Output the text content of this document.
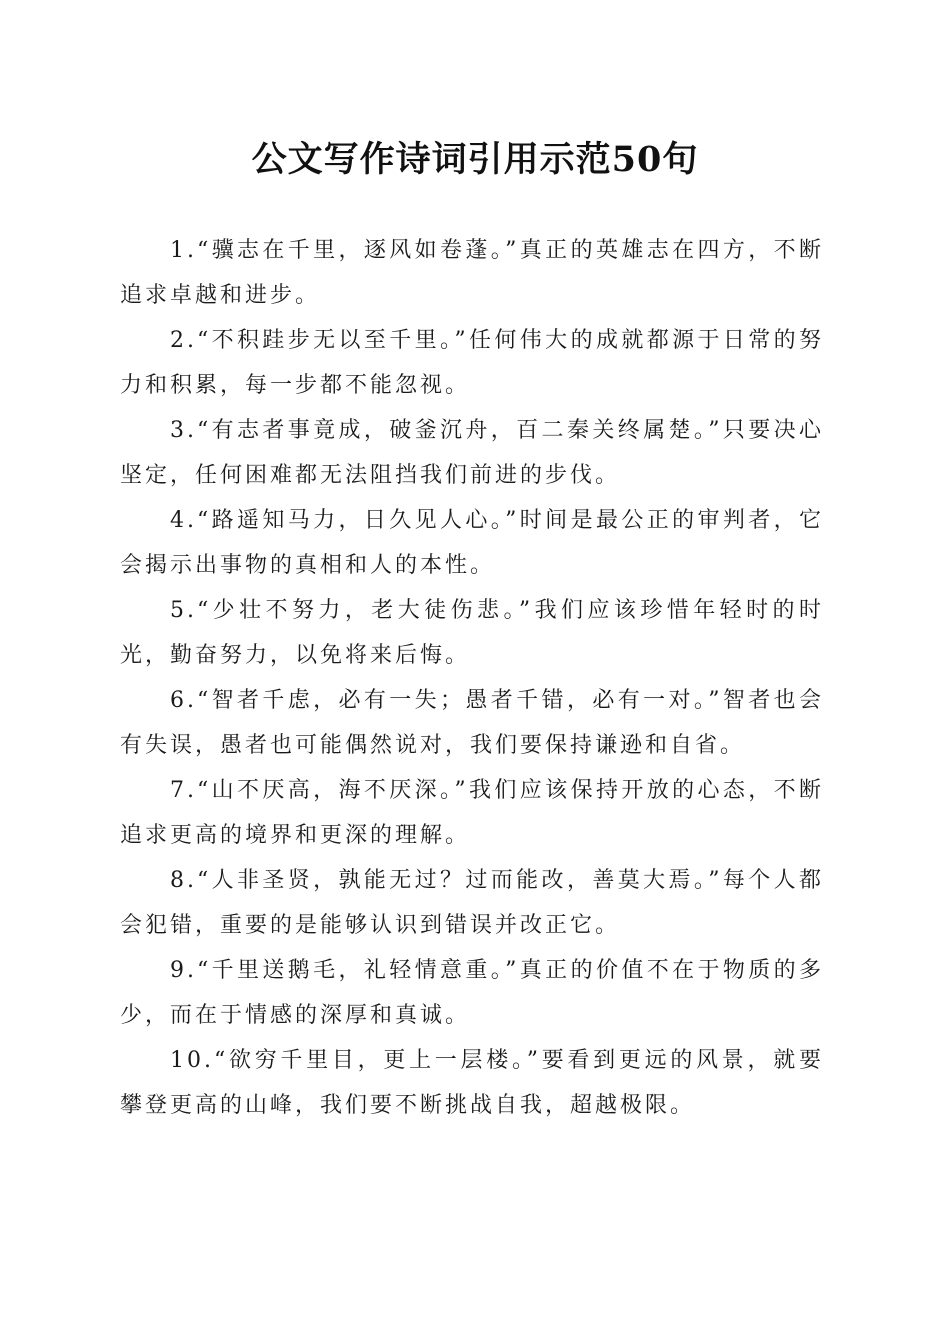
公文写作诗词引用示范50句

1.“骥志在千里，逐风如卷蓬。”真正的英雄志在四方，不断追求卓越和进步。

2.“不积跬步无以至千里。”任何伟大的成就都源于日常的努力和积累，每一步都不能忽视。

3.“有志者事竟成，破釜沉舟，百二秦关终属楚。”只要决心坚定，任何困难都无法阻挡我们前进的步伐。

4.“路遥知马力，日久见人心。”时间是最公正的审判者，它会揭示出事物的真相和人的本性。

5.“少壮不努力，老大徒伤悲。”我们应该珍惜年轻时的时光，勤奋努力，以免将来后悔。

6.“智者千虑，必有一失；愚者千错，必有一对。”智者也会有失误，愚者也可能偶然说对，我们要保持谦逊和自省。

7.“山不厌高，海不厌深。”我们应该保持开放的心态，不断追求更高的境界和更深的理解。

8.“人非圣贤，孰能无过？过而能改，善莫大焉。”每个人都会犯错，重要的是能够认识到错误并改正它。

9.“千里送鹅毛，礼轻情意重。”真正的价值不在于物质的多少，而在于情感的深厚和真诚。

10.“欲穷千里目，更上一层楼。”要看到更远的风景，就要攀登更高的山峰，我们要不断挑战自我，超越极限。
